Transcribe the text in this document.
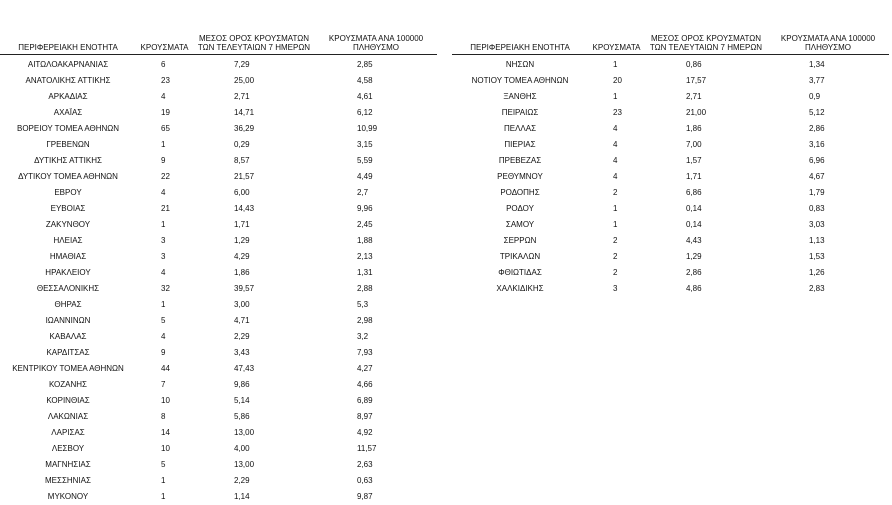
ΠΕΡΙΦΕΡΕΙΑΚΗ ΕΝΟΤΗΤΑ	ΚΡΟΥΣΜΑΤΑ	ΜΕΣΟΣ ΟΡΟΣ ΚΡΟΥΣΜΑΤΩΝ ΤΩΝ ΤΕΛΕΥΤΑΙΩΝ 7 ΗΜΕΡΩΝ	ΚΡΟΥΣΜΑΤΑ ΑΝΑ 100000 ΠΛΗΘΥΣΜΟ
ΑΙΤΩΛΟΑΚΑΡΝΑΝΙΑΣ	6	7,29	2,85
ΑΝΑΤΟΛΙΚΗΣ ΑΤΤΙΚΗΣ	23	25,00	4,58
ΑΡΚΑΔΙΑΣ	4	2,71	4,61
ΑΧΑΪΑΣ	19	14,71	6,12
ΒΟΡΕΙΟΥ ΤΟΜΕΑ ΑΘΗΝΩΝ	65	36,29	10,99
ΓΡΕΒΕΝΩΝ	1	0,29	3,15
ΔΥΤΙΚΗΣ ΑΤΤΙΚΗΣ	9	8,57	5,59
ΔΥΤΙΚΟΥ ΤΟΜΕΑ ΑΘΗΝΩΝ	22	21,57	4,49
ΕΒΡΟΥ	4	6,00	2,7
ΕΥΒΟΙΑΣ	21	14,43	9,96
ΖΑΚΥΝΘΟΥ	1	1,71	2,45
ΗΛΕΙΑΣ	3	1,29	1,88
ΗΜΑΘΙΑΣ	3	4,29	2,13
ΗΡΑΚΛΕΙΟΥ	4	1,86	1,31
ΘΕΣΣΑΛΟΝΙΚΗΣ	32	39,57	2,88
ΘΗΡΑΣ	1	3,00	5,3
ΙΩΑΝΝΙΝΩΝ	5	4,71	2,98
ΚΑΒΑΛΑΣ	4	2,29	3,2
ΚΑΡΔΙΤΣΑΣ	9	3,43	7,93
ΚΕΝΤΡΙΚΟΥ ΤΟΜΕΑ ΑΘΗΝΩΝ	44	47,43	4,27
ΚΟΖΑΝΗΣ	7	9,86	4,66
ΚΟΡΙΝΘΙΑΣ	10	5,14	6,89
ΛΑΚΩΝΙΑΣ	8	5,86	8,97
ΛΑΡΙΣΑΣ	14	13,00	4,92
ΛΕΣΒΟΥ	10	4,00	11,57
ΜΑΓΝΗΣΙΑΣ	5	13,00	2,63
ΜΕΣΣΗΝΙΑΣ	1	2,29	0,63
ΜΥΚΟΝΟΥ	1	1,14	9,87
ΠΕΡΙΦΕΡΕΙΑΚΗ ΕΝΟΤΗΤΑ	ΚΡΟΥΣΜΑΤΑ	ΜΕΣΟΣ ΟΡΟΣ ΚΡΟΥΣΜΑΤΩΝ ΤΩΝ ΤΕΛΕΥΤΑΙΩΝ 7 ΗΜΕΡΩΝ	ΚΡΟΥΣΜΑΤΑ ΑΝΑ 100000 ΠΛΗΘΥΣΜΟ
ΝΗΣΩΝ	1	0,86	1,34
ΝΟΤΙΟΥ ΤΟΜΕΑ ΑΘΗΝΩΝ	20	17,57	3,77
ΞΑΝΘΗΣ	1	2,71	0,9
ΠΕΙΡΑΙΩΣ	23	21,00	5,12
ΠΕΛΛΑΣ	4	1,86	2,86
ΠΙΕΡΙΑΣ	4	7,00	3,16
ΠΡΕΒΕΖΑΣ	4	1,57	6,96
ΡΕΘΥΜΝΟΥ	4	1,71	4,67
ΡΟΔΟΠΗΣ	2	6,86	1,79
ΡΟΔΟΥ	1	0,14	0,83
ΣΑΜΟΥ	1	0,14	3,03
ΣΕΡΡΩΝ	2	4,43	1,13
ΤΡΙΚΑΛΩΝ	2	1,29	1,53
ΦΘΙΩΤΙΔΑΣ	2	2,86	1,26
ΧΑΛΚΙΔΙΚΗΣ	3	4,86	2,83
